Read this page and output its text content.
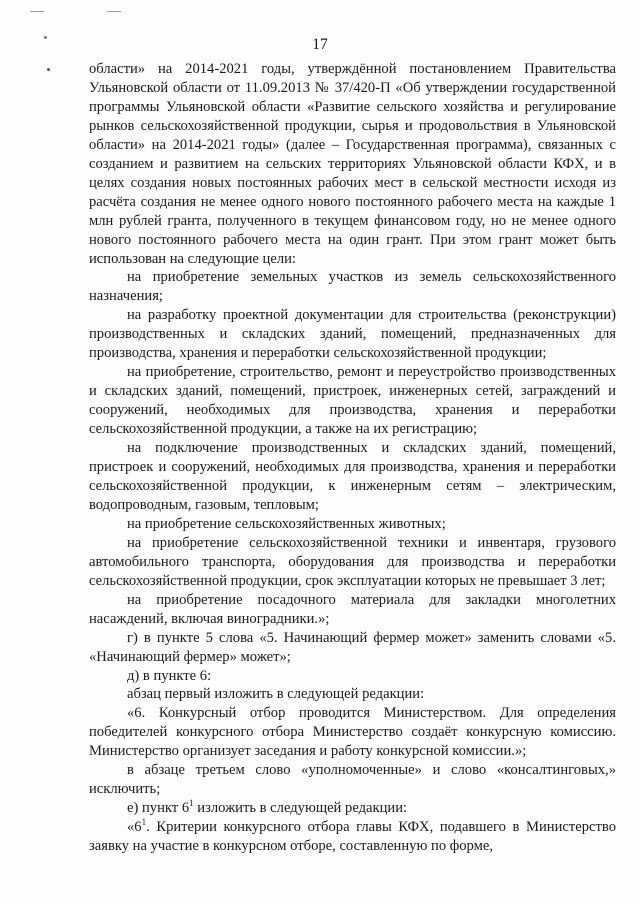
17

области» на 2014-2021 годы, утверждённой постановлением Правительства Ульяновской области от 11.09.2013 № 37/420-П «Об утверждении государственной программы Ульяновской области «Развитие сельского хозяйства и регулирование рынков сельскохозяйственной продукции, сырья и продовольствия в Ульяновской области» на 2014-2021 годы» (далее – Государственная программа), связанных с созданием и развитием на сельских территориях Ульяновской области КФХ, и в целях создания новых постоянных рабочих мест в сельской местности исходя из расчёта создания не менее одного нового постоянного рабочего места на каждые 1 млн рублей гранта, полученного в текущем финансовом году, но не менее одного нового постоянного рабочего места на один грант. При этом грант может быть использован на следующие цели:

на приобретение земельных участков из земель сельскохозяйственного назначения;

на разработку проектной документации для строительства (реконструкции) производственных и складских зданий, помещений, предназначенных для производства, хранения и переработки сельскохозяйственной продукции;

на приобретение, строительство, ремонт и переустройство производственных и складских зданий, помещений, пристроек, инженерных сетей, заграждений и сооружений, необходимых для производства, хранения и переработки сельскохозяйственной продукции, а также на их регистрацию;

на подключение производственных и складских зданий, помещений, пристроек и сооружений, необходимых для производства, хранения и переработки сельскохозяйственной продукции, к инженерным сетям – электрическим, водопроводным, газовым, тепловым;

на приобретение сельскохозяйственных животных;

на приобретение сельскохозяйственной техники и инвентаря, грузового автомобильного транспорта, оборудования для производства и переработки сельскохозяйственной продукции, срок эксплуатации которых не превышает 3 лет;

на приобретение посадочного материала для закладки многолетних насаждений, включая виноградники.»;

г) в пункте 5 слова «5. Начинающий фермер может» заменить словами «5. «Начинающий фермер» может»;

д) в пункте 6:

абзац первый изложить в следующей редакции:

«6. Конкурсный отбор проводится Министерством. Для определения победителей конкурсного отбора Министерство создаёт конкурсную комиссию. Министерство организует заседания и работу конкурсной комиссии.»;

в абзаце третьем слово «уполномоченные» и слово «консалтинговых,» исключить;

е) пункт $6^1$ изложить в следующей редакции:

«$6^1$. Критерии конкурсного отбора главы КФХ, подавшего в Министерство заявку на участие в конкурсном отборе, составленную по форме,
